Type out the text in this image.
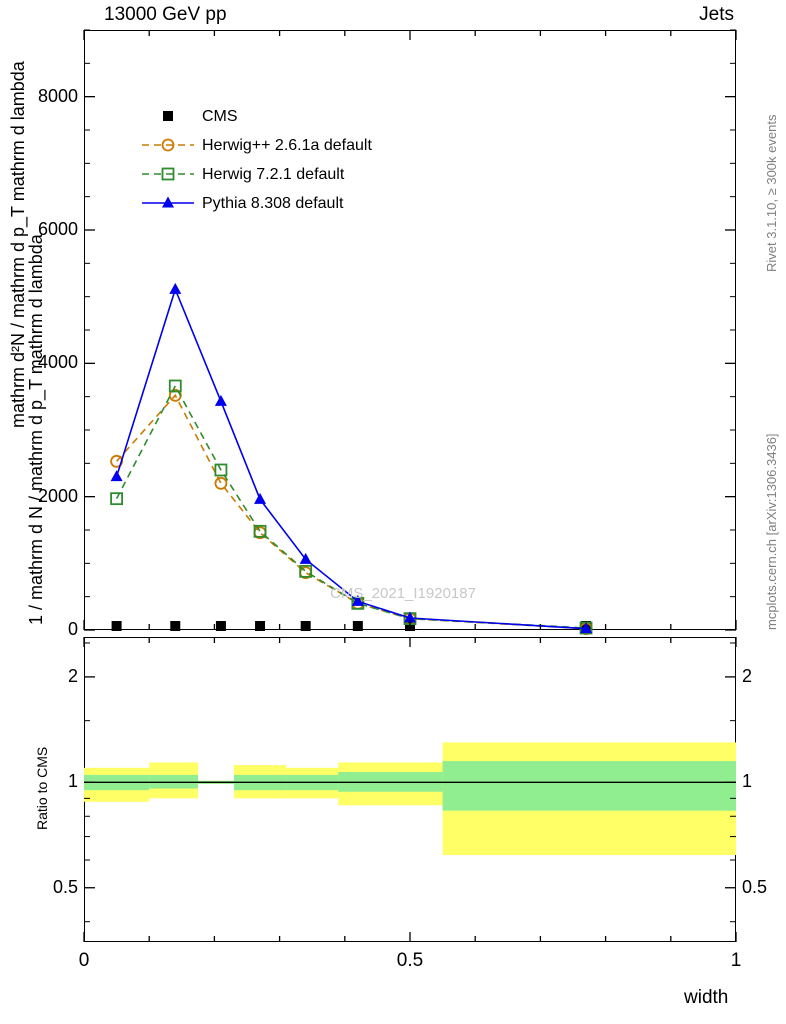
13000 GeV pp	Jets
0
2000
4000
6000
8000
0.5
1
2
0.5
1
2
0	0.5	1
CMS
Herwig++ 2.6.1a default
Herwig 7.2.1 default
Pythia 8.308 default
1 / mathrm d N / mathrm d p_T mathrm d lambda
mathrm d²N / mathrm d p_T mathrm d lambda
Ratio to CMS
width
Rivet 3.1.10, ≥ 300k events
mcplots.cern.ch [arXiv:1306.3436]
CMS_2021_I1920187
